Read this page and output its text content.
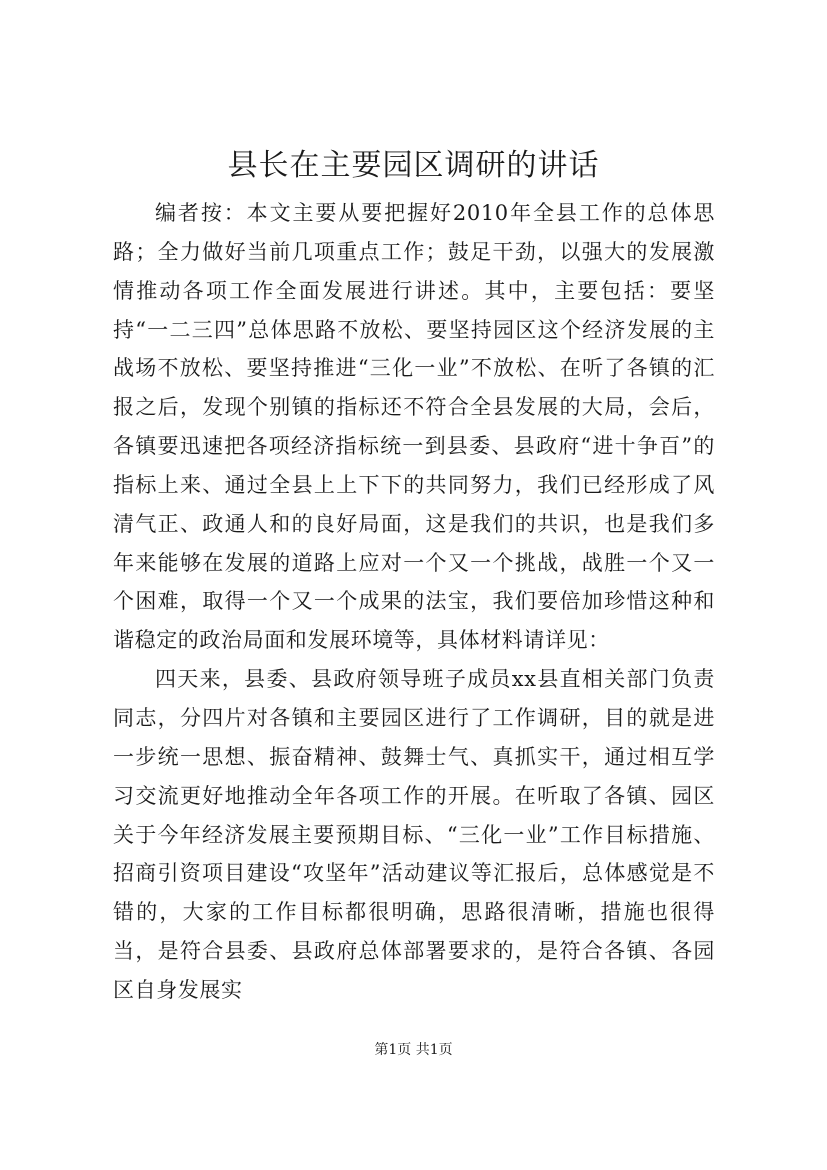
县长在主要园区调研的讲话

编者按：本文主要从要把握好2010年全县工作的总体思路；全力做好当前几项重点工作；鼓足干劲，以强大的发展激情推动各项工作全面发展进行讲述。其中，主要包括：要坚持“一二三四”总体思路不放松、要坚持园区这个经济发展的主战场不放松、要坚持推进“三化一业”不放松、在听了各镇的汇报之后，发现个别镇的指标还不符合全县发展的大局，会后，各镇要迅速把各项经济指标统一到县委、县政府“进十争百”的指标上来、通过全县上上下下的共同努力，我们已经形成了风清气正、政通人和的良好局面，这是我们的共识，也是我们多年来能够在发展的道路上应对一个又一个挑战，战胜一个又一个困难，取得一个又一个成果的法宝，我们要倍加珍惜这种和谐稳定的政治局面和发展环境等，具体材料请详见：

四天来，县委、县政府领导班子成员xx县直相关部门负责同志，分四片对各镇和主要园区进行了工作调研，目的就是进一步统一思想、振奋精神、鼓舞士气、真抓实干，通过相互学习交流更好地推动全年各项工作的开展。在听取了各镇、园区关于今年经济发展主要预期目标、“三化一业”工作目标措施、招商引资项目建设“攻坚年”活动建议等汇报后，总体感觉是不错的，大家的工作目标都很明确，思路很清晰，措施也很得当，是符合县委、县政府总体部署要求的，是符合各镇、各园区自身发展实

第1页 共1页
